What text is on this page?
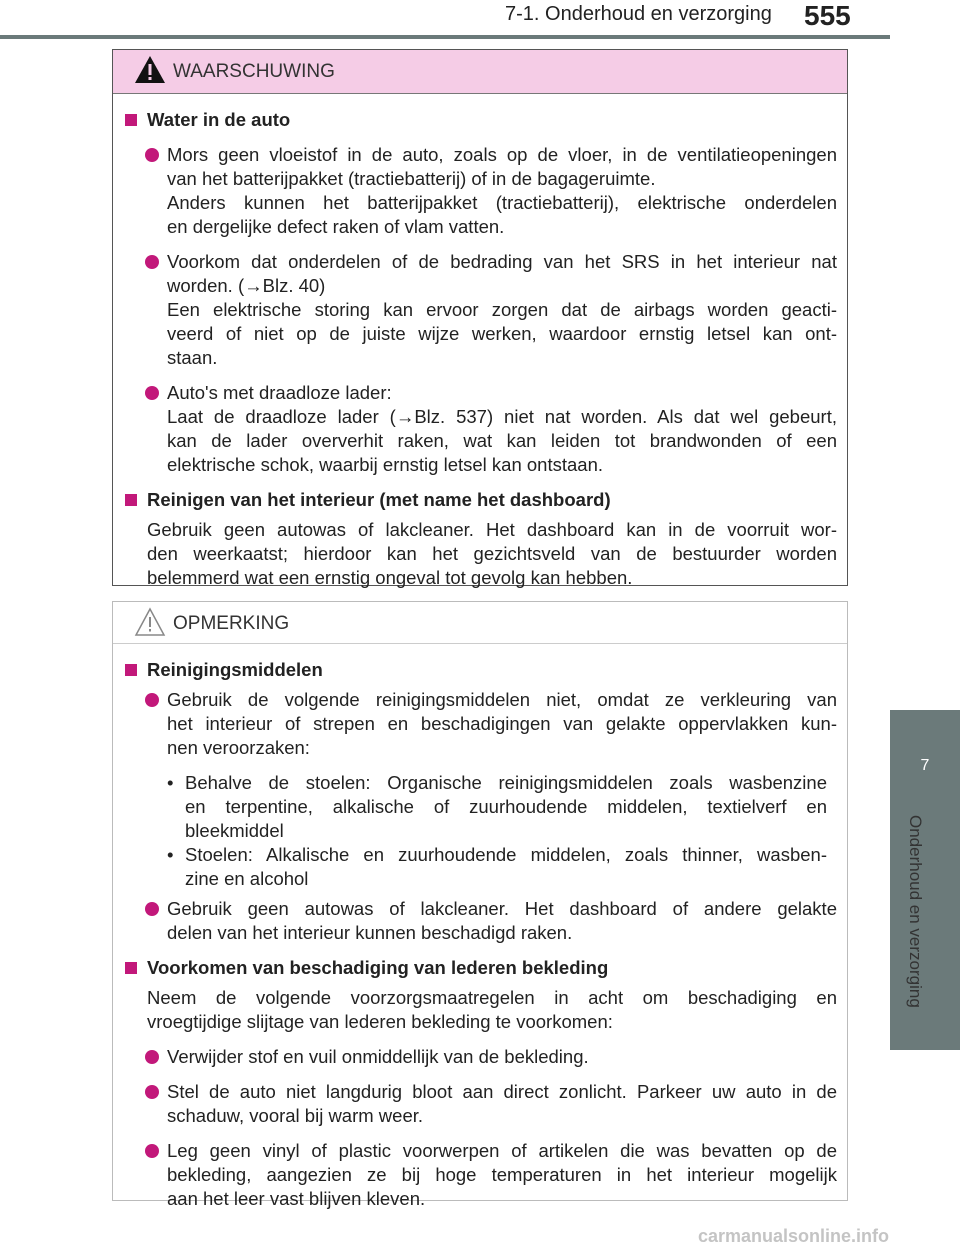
7-1. Onderhoud en verzorging 555
7
Onderhoud en verzorging
WAARSCHUWING
Water in de auto
Mors geen vloeistof in de auto, zoals op de vloer, in de ventilatieopeningen
van het batterijpakket (tractiebatterij) of in de bagageruimte.
Anders kunnen het batterijpakket (tractiebatterij), elektrische onderdelen
en dergelijke defect raken of vlam vatten.
Voorkom dat onderdelen of de bedrading van het SRS in het interieur nat
worden. (→Blz. 40)
Een elektrische storing kan ervoor zorgen dat de airbags worden geacti-
veerd of niet op de juiste wijze werken, waardoor ernstig letsel kan ont-
staan.
Auto's met draadloze lader:
Laat de draadloze lader (→Blz. 537) niet nat worden. Als dat wel gebeurt,
kan de lader oververhit raken, wat kan leiden tot brandwonden of een
elektrische schok, waarbij ernstig letsel kan ontstaan.
Reinigen van het interieur (met name het dashboard)
Gebruik geen autowas of lakcleaner. Het dashboard kan in de voorruit wor-
den weerkaatst; hierdoor kan het gezichtsveld van de bestuurder worden
belemmerd wat een ernstig ongeval tot gevolg kan hebben.
OPMERKING
Reinigingsmiddelen
Gebruik de volgende reinigingsmiddelen niet, omdat ze verkleuring van
het interieur of strepen en beschadigingen van gelakte oppervlakken kun-
nen veroorzaken:
• Behalve de stoelen: Organische reinigingsmiddelen zoals wasbenzine
en terpentine, alkalische of zuurhoudende middelen, textielverf en
bleekmiddel
• Stoelen: Alkalische en zuurhoudende middelen, zoals thinner, wasben-
zine en alcohol
Gebruik geen autowas of lakcleaner. Het dashboard of andere gelakte
delen van het interieur kunnen beschadigd raken.
Voorkomen van beschadiging van lederen bekleding
Neem de volgende voorzorgsmaatregelen in acht om beschadiging en
vroegtijdige slijtage van lederen bekleding te voorkomen:
Verwijder stof en vuil onmiddellijk van de bekleding.
Stel de auto niet langdurig bloot aan direct zonlicht. Parkeer uw auto in de
schaduw, vooral bij warm weer.
Leg geen vinyl of plastic voorwerpen of artikelen die was bevatten op de
bekleding, aangezien ze bij hoge temperaturen in het interieur mogelijk
aan het leer vast blijven kleven.
carmanualsonline.info
